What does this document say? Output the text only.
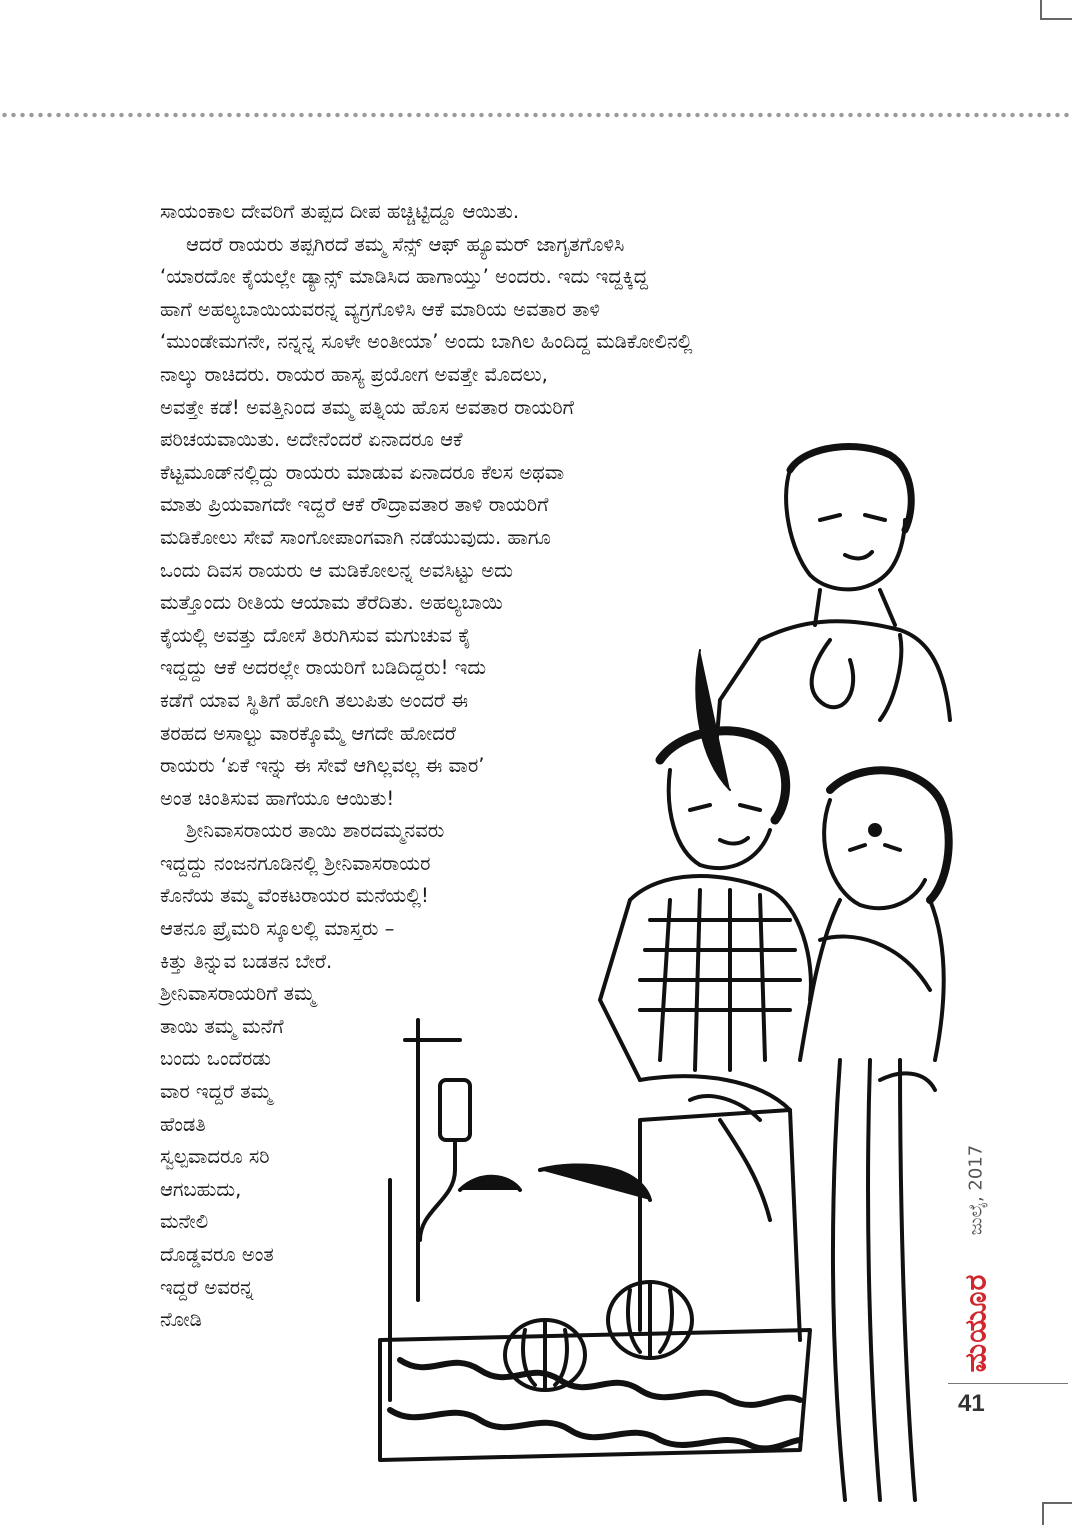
ಸಾಯಂಕಾಲ ದೇವರಿಗೆ ತುಪ್ಪದ ದೀಪ ಹಚ್ಚಿಟ್ಟಿದ್ದೂ ಆಯಿತು.
ಆದರೆ ರಾಯರು ತಪ್ಪಗಿರದೆ ತಮ್ಮ ಸೆನ್ಸ್ ಆಫ್ ಹ್ಯೂಮರ್ ಜಾಗೃತಗೊಳಿಸಿ
‘ಯಾರದೋ ಕೈಯಲ್ಲೇ ಡ್ಯಾನ್ಸ್ ಮಾಡಿಸಿದ ಹಾಗಾಯ್ತು’ ಅಂದರು. ಇದು ಇದ್ದಕ್ಕಿದ್ದ
ಹಾಗೆ ಅಹಲ್ಯಬಾಯಿಯವರನ್ನ ವ್ಯಗ್ರಗೊಳಿಸಿ ಆಕೆ ಮಾರಿಯ ಅವತಾರ ತಾಳಿ
‘ಮುಂಡೇಮಗನೇ, ನನ್ನನ್ನ ಸೂಳೇ ಅಂತೀಯಾ’ ಅಂದು ಬಾಗಿಲ ಹಿಂದಿದ್ದ ಮಡಿಕೋಲಿನಲ್ಲಿ
ನಾಲ್ಕು ರಾಚಿದರು. ರಾಯರ ಹಾಸ್ಯ ಪ್ರಯೋಗ ಅವತ್ತೇ ಮೊದಲು,
ಅವತ್ತೇ ಕಡೆ! ಅವತ್ತಿನಿಂದ ತಮ್ಮ ಪತ್ನಿಯ ಹೊಸ ಅವತಾರ ರಾಯರಿಗೆ
ಪರಿಚಯವಾಯಿತು. ಅದೇನೆಂದರೆ ಏನಾದರೂ ಆಕೆ
ಕೆಟ್ಟಮೂಡ್‌ನಲ್ಲಿದ್ದು ರಾಯರು ಮಾಡುವ ಏನಾದರೂ ಕೆಲಸ ಅಥವಾ
ಮಾತು ಪ್ರಿಯವಾಗದೇ ಇದ್ದರೆ ಆಕೆ ರೌದ್ರಾವತಾರ ತಾಳಿ ರಾಯರಿಗೆ
ಮಡಿಕೋಲು ಸೇವೆ ಸಾಂಗೋಪಾಂಗವಾಗಿ ನಡೆಯುವುದು. ಹಾಗೂ
ಒಂದು ದಿವಸ ರಾಯರು ಆ ಮಡಿಕೋಲನ್ನ ಅವಸಿಟ್ಟು ಅದು
ಮತ್ತೊಂದು ರೀತಿಯ ಆಯಾಮ ತೆರೆದಿತು. ಅಹಲ್ಯಬಾಯಿ
ಕೈಯಲ್ಲಿ ಅವತ್ತು ದೋಸೆ ತಿರುಗಿಸುವ ಮಗುಚುವ ಕೈ
ಇದ್ದದ್ದು ಆಕೆ ಅದರಲ್ಲೇ ರಾಯರಿಗೆ ಬಡಿದಿದ್ದರು! ಇದು
ಕಡೆಗೆ ಯಾವ ಸ್ಥಿತಿಗೆ ಹೋಗಿ ತಲುಪಿತು ಅಂದರೆ ಈ
ತರಹದ ಅಸಾಲ್ಟು ವಾರಕ್ಕೊಮ್ಮೆ ಆಗದೇ ಹೋದರೆ
ರಾಯರು ‘ಏಕೆ ಇನ್ನು ಈ ಸೇವೆ ಆಗಿಲ್ಲವಲ್ಲ ಈ ವಾರ’
ಅಂತ ಚಿಂತಿಸುವ ಹಾಗೆಯೂ ಆಯಿತು!
ಶ್ರೀನಿವಾಸರಾಯರ ತಾಯಿ ಶಾರದಮ್ಮನವರು
ಇದ್ದದ್ದು ನಂಜನಗೂಡಿನಲ್ಲಿ ಶ್ರೀನಿವಾಸರಾಯರ
ಕೊನೆಯ ತಮ್ಮ ವೆಂಕಟರಾಯರ ಮನೆಯಲ್ಲಿ!
ಆತನೂ ಪ್ರೈಮರಿ ಸ್ಕೂಲಲ್ಲಿ ಮಾಸ್ತರು –
ಕಿತ್ತು ತಿನ್ನುವ ಬಡತನ ಬೇರೆ.
ಶ್ರೀನಿವಾಸರಾಯರಿಗೆ ತಮ್ಮ
ತಾಯಿ ತಮ್ಮ ಮನೆಗೆ
ಬಂದು ಒಂದೆರಡು
ವಾರ ಇದ್ದರೆ ತಮ್ಮ
ಹೆಂಡತಿ
ಸ್ವಲ್ಪವಾದರೂ ಸರಿ
ಆಗಬಹುದು,
ಮನೇಲಿ
ದೊಡ್ಡವರೂ ಅಂತ
ಇದ್ದರೆ ಅವರನ್ನ
ನೋಡಿ
ಜುಲೈ, 2017
ಮಯೂರ
41
